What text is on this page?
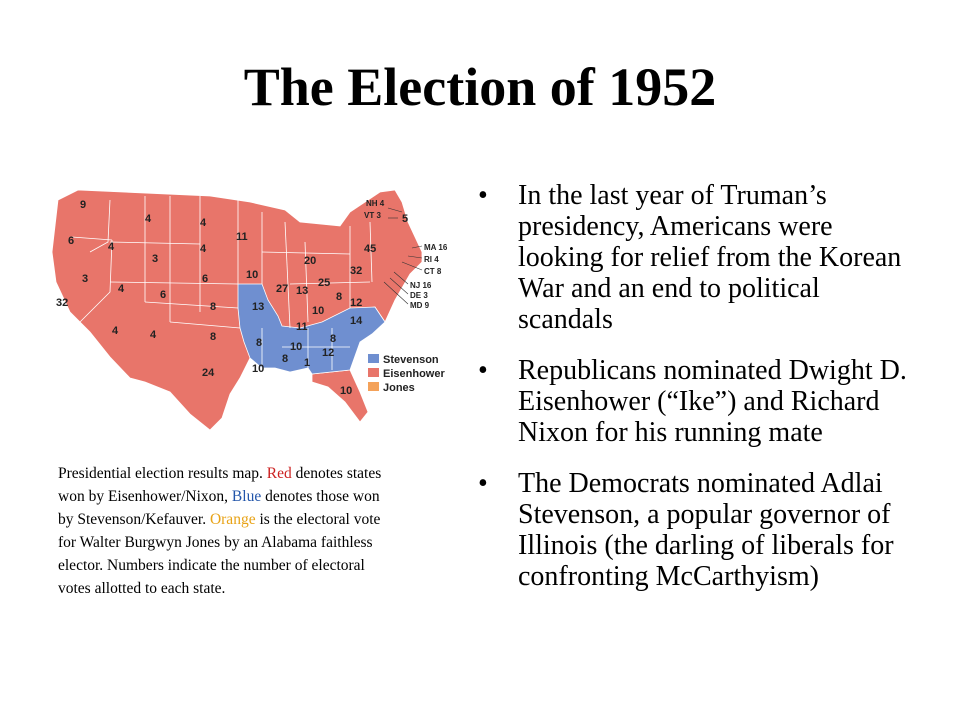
The Election of 1952
9
6
32
4
4
3
4
4
3
6
4
24
4
4
6
8
8
11
10
13
8
8
10
27
20
13
25
32
45
5
10
8 12
11	14
8
10
1
12
10
NH 4
VT 3
MA 16
RI 4
CT 8
NJ 16
DE 3
MD 9
Stevenson
Eisenhower
Jones
Presidential election results map. Red denotes states won by Eisenhower/Nixon, Blue denotes those won by Stevenson/Kefauver. Orange is the electoral vote for Walter Burgwyn Jones by an Alabama faithless elector. Numbers indicate the number of electoral votes allotted to each state.
• In the last year of Truman’s presidency, Americans were looking for relief from the Korean War and an end to political scandals
• Republicans nominated Dwight D. Eisenhower (“Ike”) and Richard Nixon for his running mate
• The Democrats nominated Adlai Stevenson, a popular governor of Illinois (the darling of liberals for confronting McCarthyism)
